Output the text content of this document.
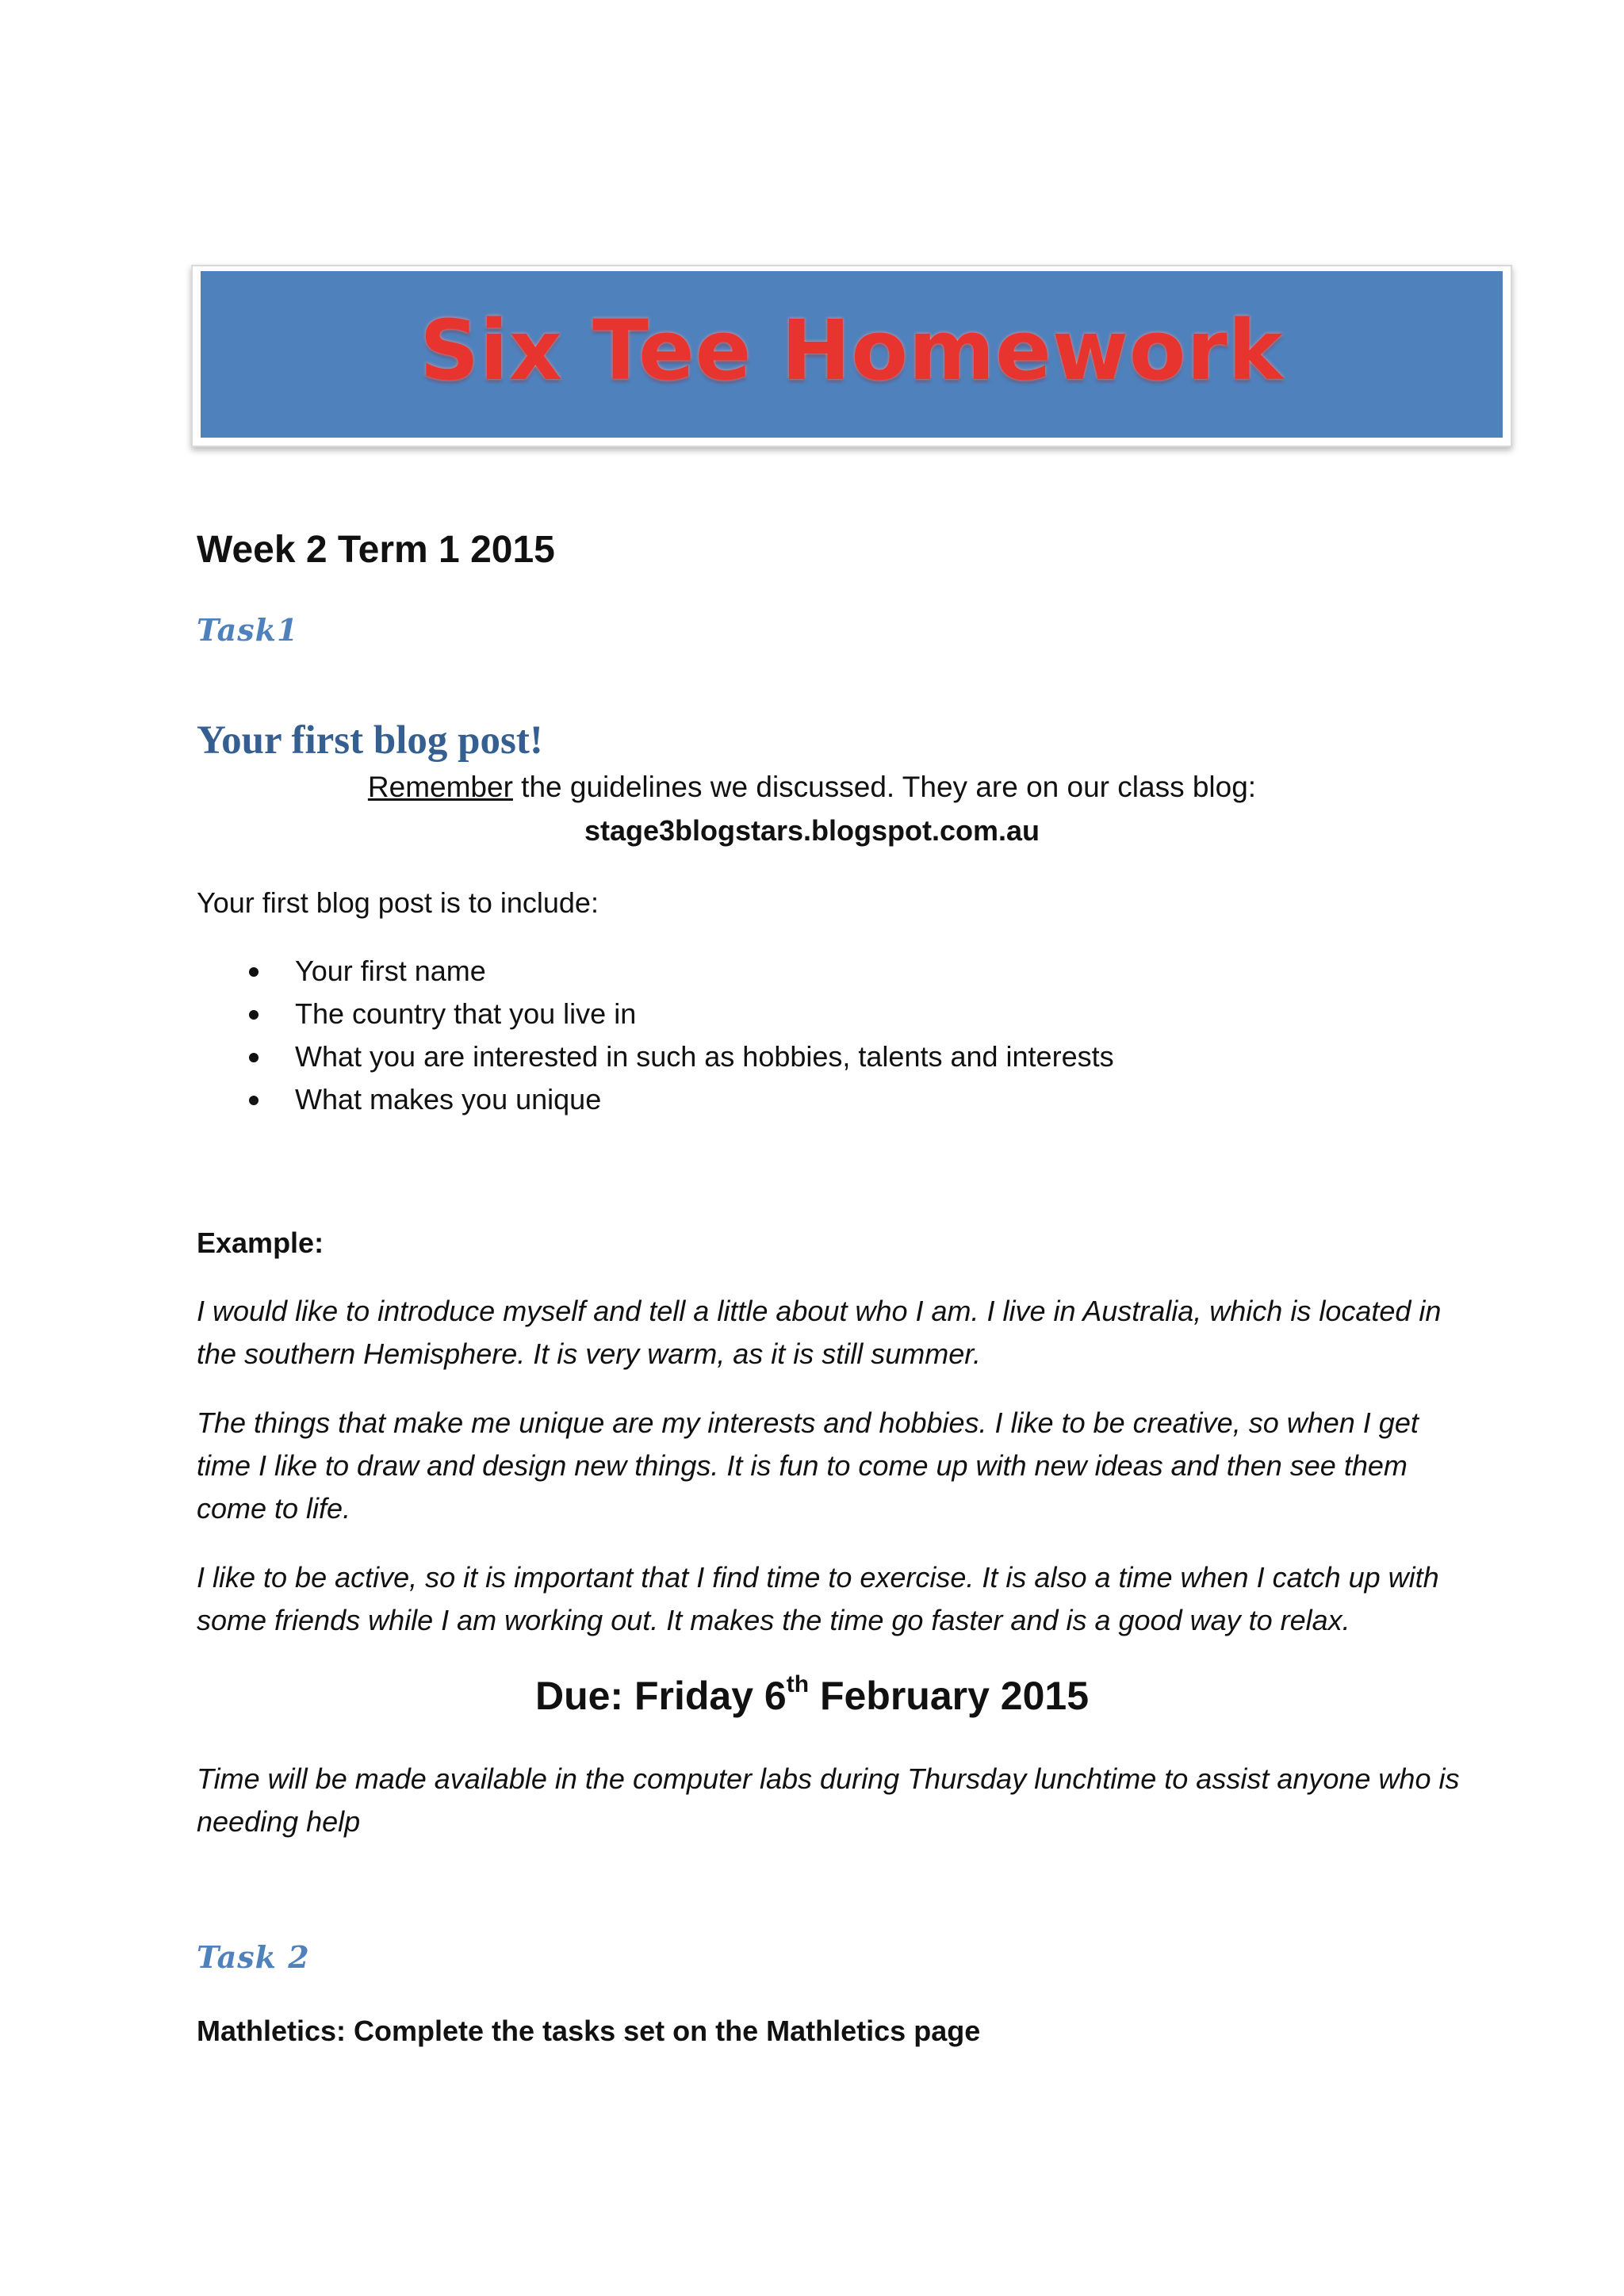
Six Tee Homework
Week 2 Term 1 2015
Task1
Your first blog post!

Remember the guidelines we discussed. They are on our class blog:

stage3blogstars.blogspot.com.au

Your first blog post is to include:

Your first name
The country that you live in
What you are interested in such as hobbies, talents and interests
What makes you unique

Example:

I would like to introduce myself and tell a little about who I am. I live in Australia, which is located in the southern Hemisphere. It is very warm, as it is still summer.

The things that make me unique are my interests and hobbies. I like to be creative, so when I get time I like to draw and design new things. It is fun to come up with new ideas and then see them come to life.

I like to be active, so it is important that I find time to exercise. It is also a time when I catch up with some friends while I am working out. It makes the time go faster and is a good way to relax.

Due: Friday 6th February 2015

Time will be made available in the computer labs during Thursday lunchtime to assist anyone who is needing help

Task 2

Mathletics: Complete the tasks set on the Mathletics page
